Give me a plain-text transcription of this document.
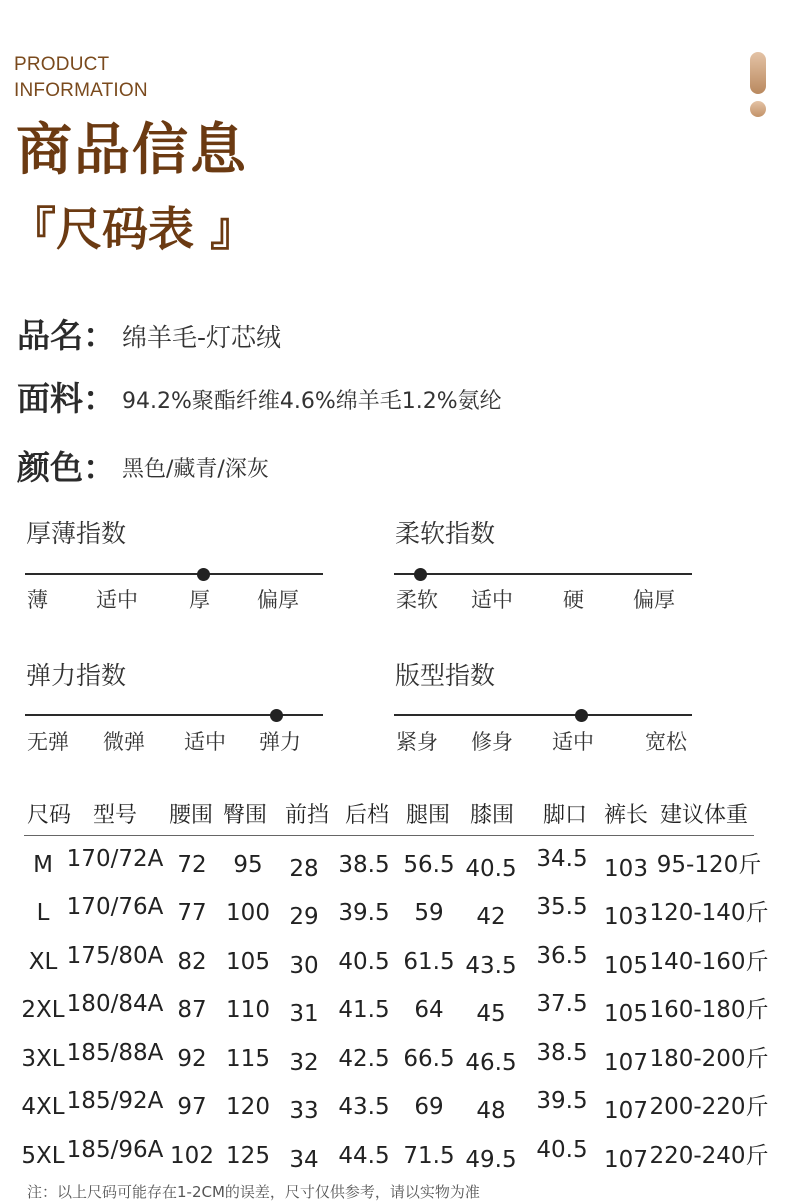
PRODUCT
INFORMATION
商品信息
『尺码表 』
品名： 绵羊毛-灯芯绒
面料： 94.2%聚酯纤维4.6%绵羊毛1.2%氨纶
颜色： 黑色/藏青/深灰
厚薄指数
薄 适中 厚 偏厚
柔软指数
柔软 适中 硬 偏厚
弹力指数
无弹 微弹 适中 弹力
版型指数
紧身 修身 适中 宽松
尺码 型号 腰围 臀围 前挡 后档 腿围 膝围 脚口 裤长 建议体重
M 170/72A 72 95 28 38.5 56.5 40.5 34.5 103 95-120斤
L 170/76A 77 100 29 39.5 59 42 35.5 103 120-140斤
XL 175/80A 82 105 30 40.5 61.5 43.5 36.5 105 140-160斤
2XL 180/84A 87 110 31 41.5 64 45 37.5 105 160-180斤
3XL 185/88A 92 115 32 42.5 66.5 46.5 38.5 107 180-200斤
4XL 185/92A 97 120 33 43.5 69 48 39.5 107 200-220斤
5XL 185/96A 102 125 34 44.5 71.5 49.5 40.5 107 220-240斤
注：以上尺码可能存在1-2CM的误差，尺寸仅供参考，请以实物为准
